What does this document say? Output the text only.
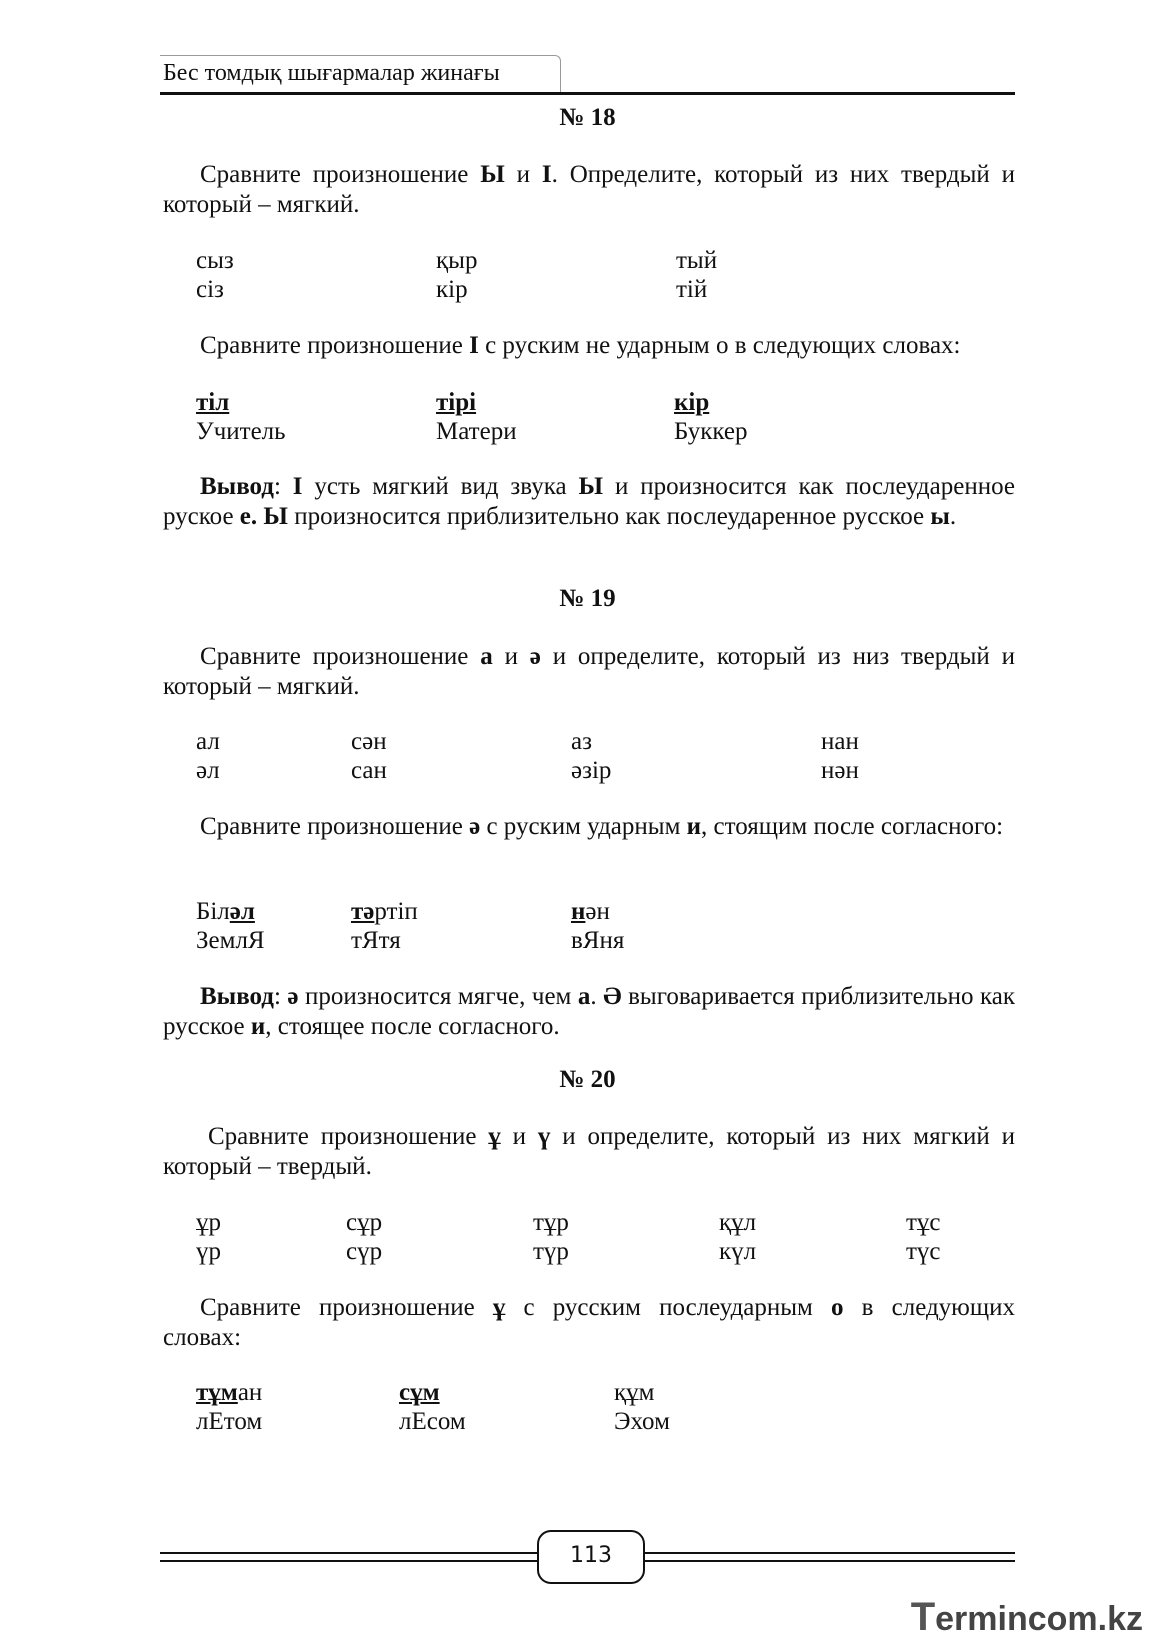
Бес томдық шығармалар жинағы
№ 18
Сравните произношение Ы и І. Определите, который из них твердый и который – мягкий.
сыз	қыр	тый
сіз	кір	тій
Сравните произношение І с руским не ударным о в следующих словах:
тіл	тірі	кір
Учитель	Матери	Буккер
Вывод: І усть мягкий вид звука Ы и произносится как послеударенное руское е. Ы произносится приблизительно как послеударенное русское ы.
№ 19
Сравните произношение а и ә и определите, который из низ твердый и который – мягкий.
ал	сән	аз	нан
әл	сан	әзір	нән
Сравните произношение ә с руским ударным и, стоящим после согласного:
Біләл	тәртіп	нән
ЗемлЯ	тЯтя	вЯня
Вывод: ә произносится мягче, чем а. Ә выговаривается приблизительно как русское и, стоящее после согласного.
№ 20
Сравните произношение ұ и ү и определите, который из них мягкий и который – твердый.
ұр	сұр	тұр	құл	тұс
үр	сүр	түр	күл	түс
Сравните произношение ұ с русским послеударным о в следующих словах:
тұман	сұм	құм
лЕтом	лЕсом	Эхом
113
Termincom.kz
